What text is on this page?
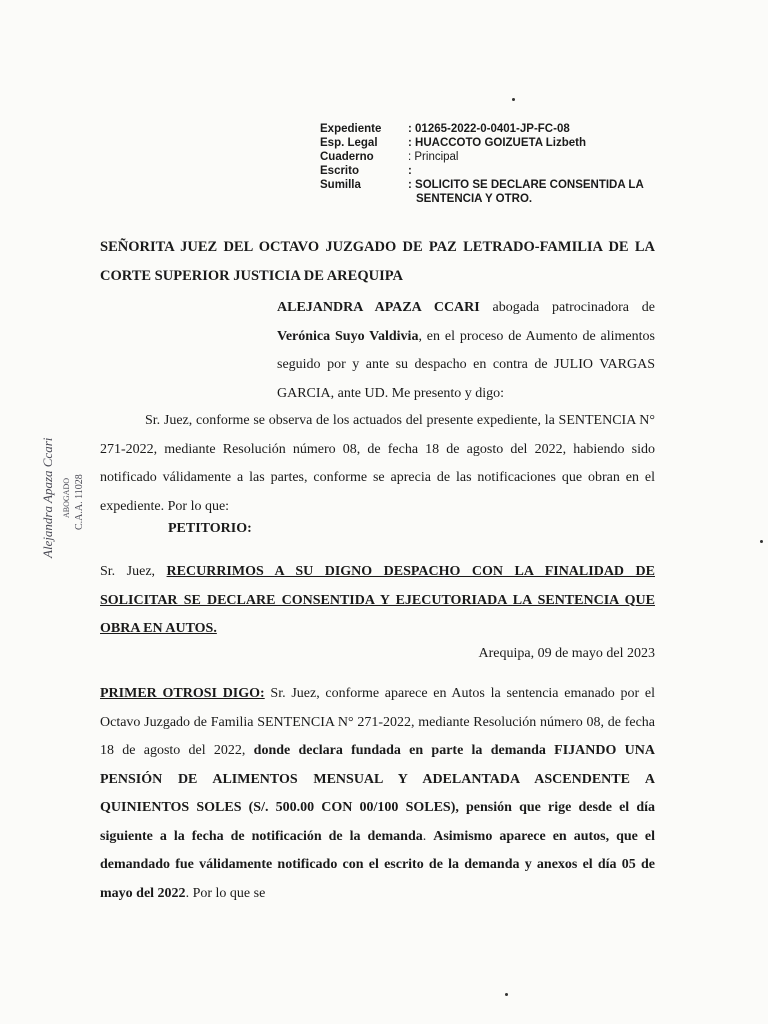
Expediente	: 01265-2022-0-0401-JP-FC-08
Esp. Legal	: HUACCOTO GOIZUETA Lizbeth
Cuaderno	: Principal
Escrito	:
Sumilla	: SOLICITO SE DECLARE CONSENTIDA LA
SENTENCIA Y OTRO.
SEÑORITA JUEZ DEL OCTAVO JUZGADO DE PAZ LETRADO-FAMILIA DE LA CORTE SUPERIOR JUSTICIA DE AREQUIPA
ALEJANDRA APAZA CCARI abogada patrocinadora de Verónica Suyo Valdivia, en el proceso de Aumento de alimentos seguido por y ante su despacho en contra de JULIO VARGAS GARCIA, ante UD. Me presento y digo:
Sr. Juez, conforme se observa de los actuados del presente expediente, la SENTENCIA N° 271-2022, mediante Resolución número 08, de fecha 18 de agosto del 2022, habiendo sido notificado válidamente a las partes, conforme se aprecia de las notificaciones que obran en el expediente. Por lo que:
PETITORIO:
Sr. Juez, RECURRIMOS A SU DIGNO DESPACHO CON LA FINALIDAD DE SOLICITAR SE DECLARE CONSENTIDA Y EJECUTORIADA LA SENTENCIA QUE OBRA EN AUTOS.
Arequipa, 09 de mayo del 2023
PRIMER OTROSI DIGO: Sr. Juez, conforme aparece en Autos la sentencia emanado por el Octavo Juzgado de Familia SENTENCIA N° 271-2022, mediante Resolución número 08, de fecha 18 de agosto del 2022, donde declara fundada en parte la demanda FIJANDO UNA PENSIÓN DE ALIMENTOS MENSUAL Y ADELANTADA ASCENDENTE A QUINIENTOS SOLES (S/. 500.00 CON 00/100 SOLES), pensión que rige desde el día siguiente a la fecha de notificación de la demanda. Asimismo aparece en autos, que el demandado fue válidamente notificado con el escrito de la demanda y anexos el día 05 de mayo del 2022. Por lo que se
Alejandra Apaza Ccari ABOGADO C.A.A. 11028
